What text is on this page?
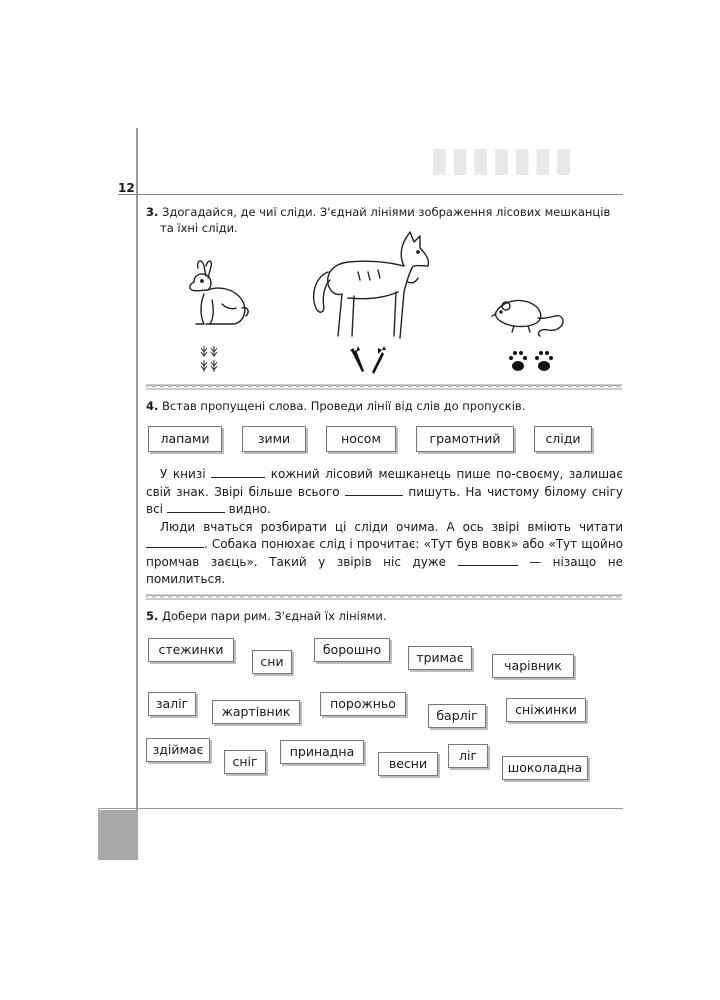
▮▮▮▮▮▮▮
12
3. Здогадайся, де чиї сліди. З'єднай лініями зображення лісових мешканців
та їхні сліди.
4. Встав пропущені слова. Проведи лінії від слів до пропусків.
лапами	зими	носом	грамотний	сліди

У книзі	кожний лісовий мешканець пише по-своєму, залишає свій знак. Звірі більше всього	пишуть. На чистому білому снігу всі	видно.

Люди вчаться розбирати ці сліди очима. А ось звірі вміють читати . Собака понюхає слід і прочитає: «Тут був вовк» або «Тут щойно промчав заєць». Такий у звірів ніс дуже	— нізащо не помилиться.

5. Добери пари рим. З'єднай їх лініями.
стежинки
сни
борошно
тримає
чарівник
заліг
жартівник
порожньо
барліг	сніжинки
здіймає
сніг
принадна
весни
ліг
шоколадна
